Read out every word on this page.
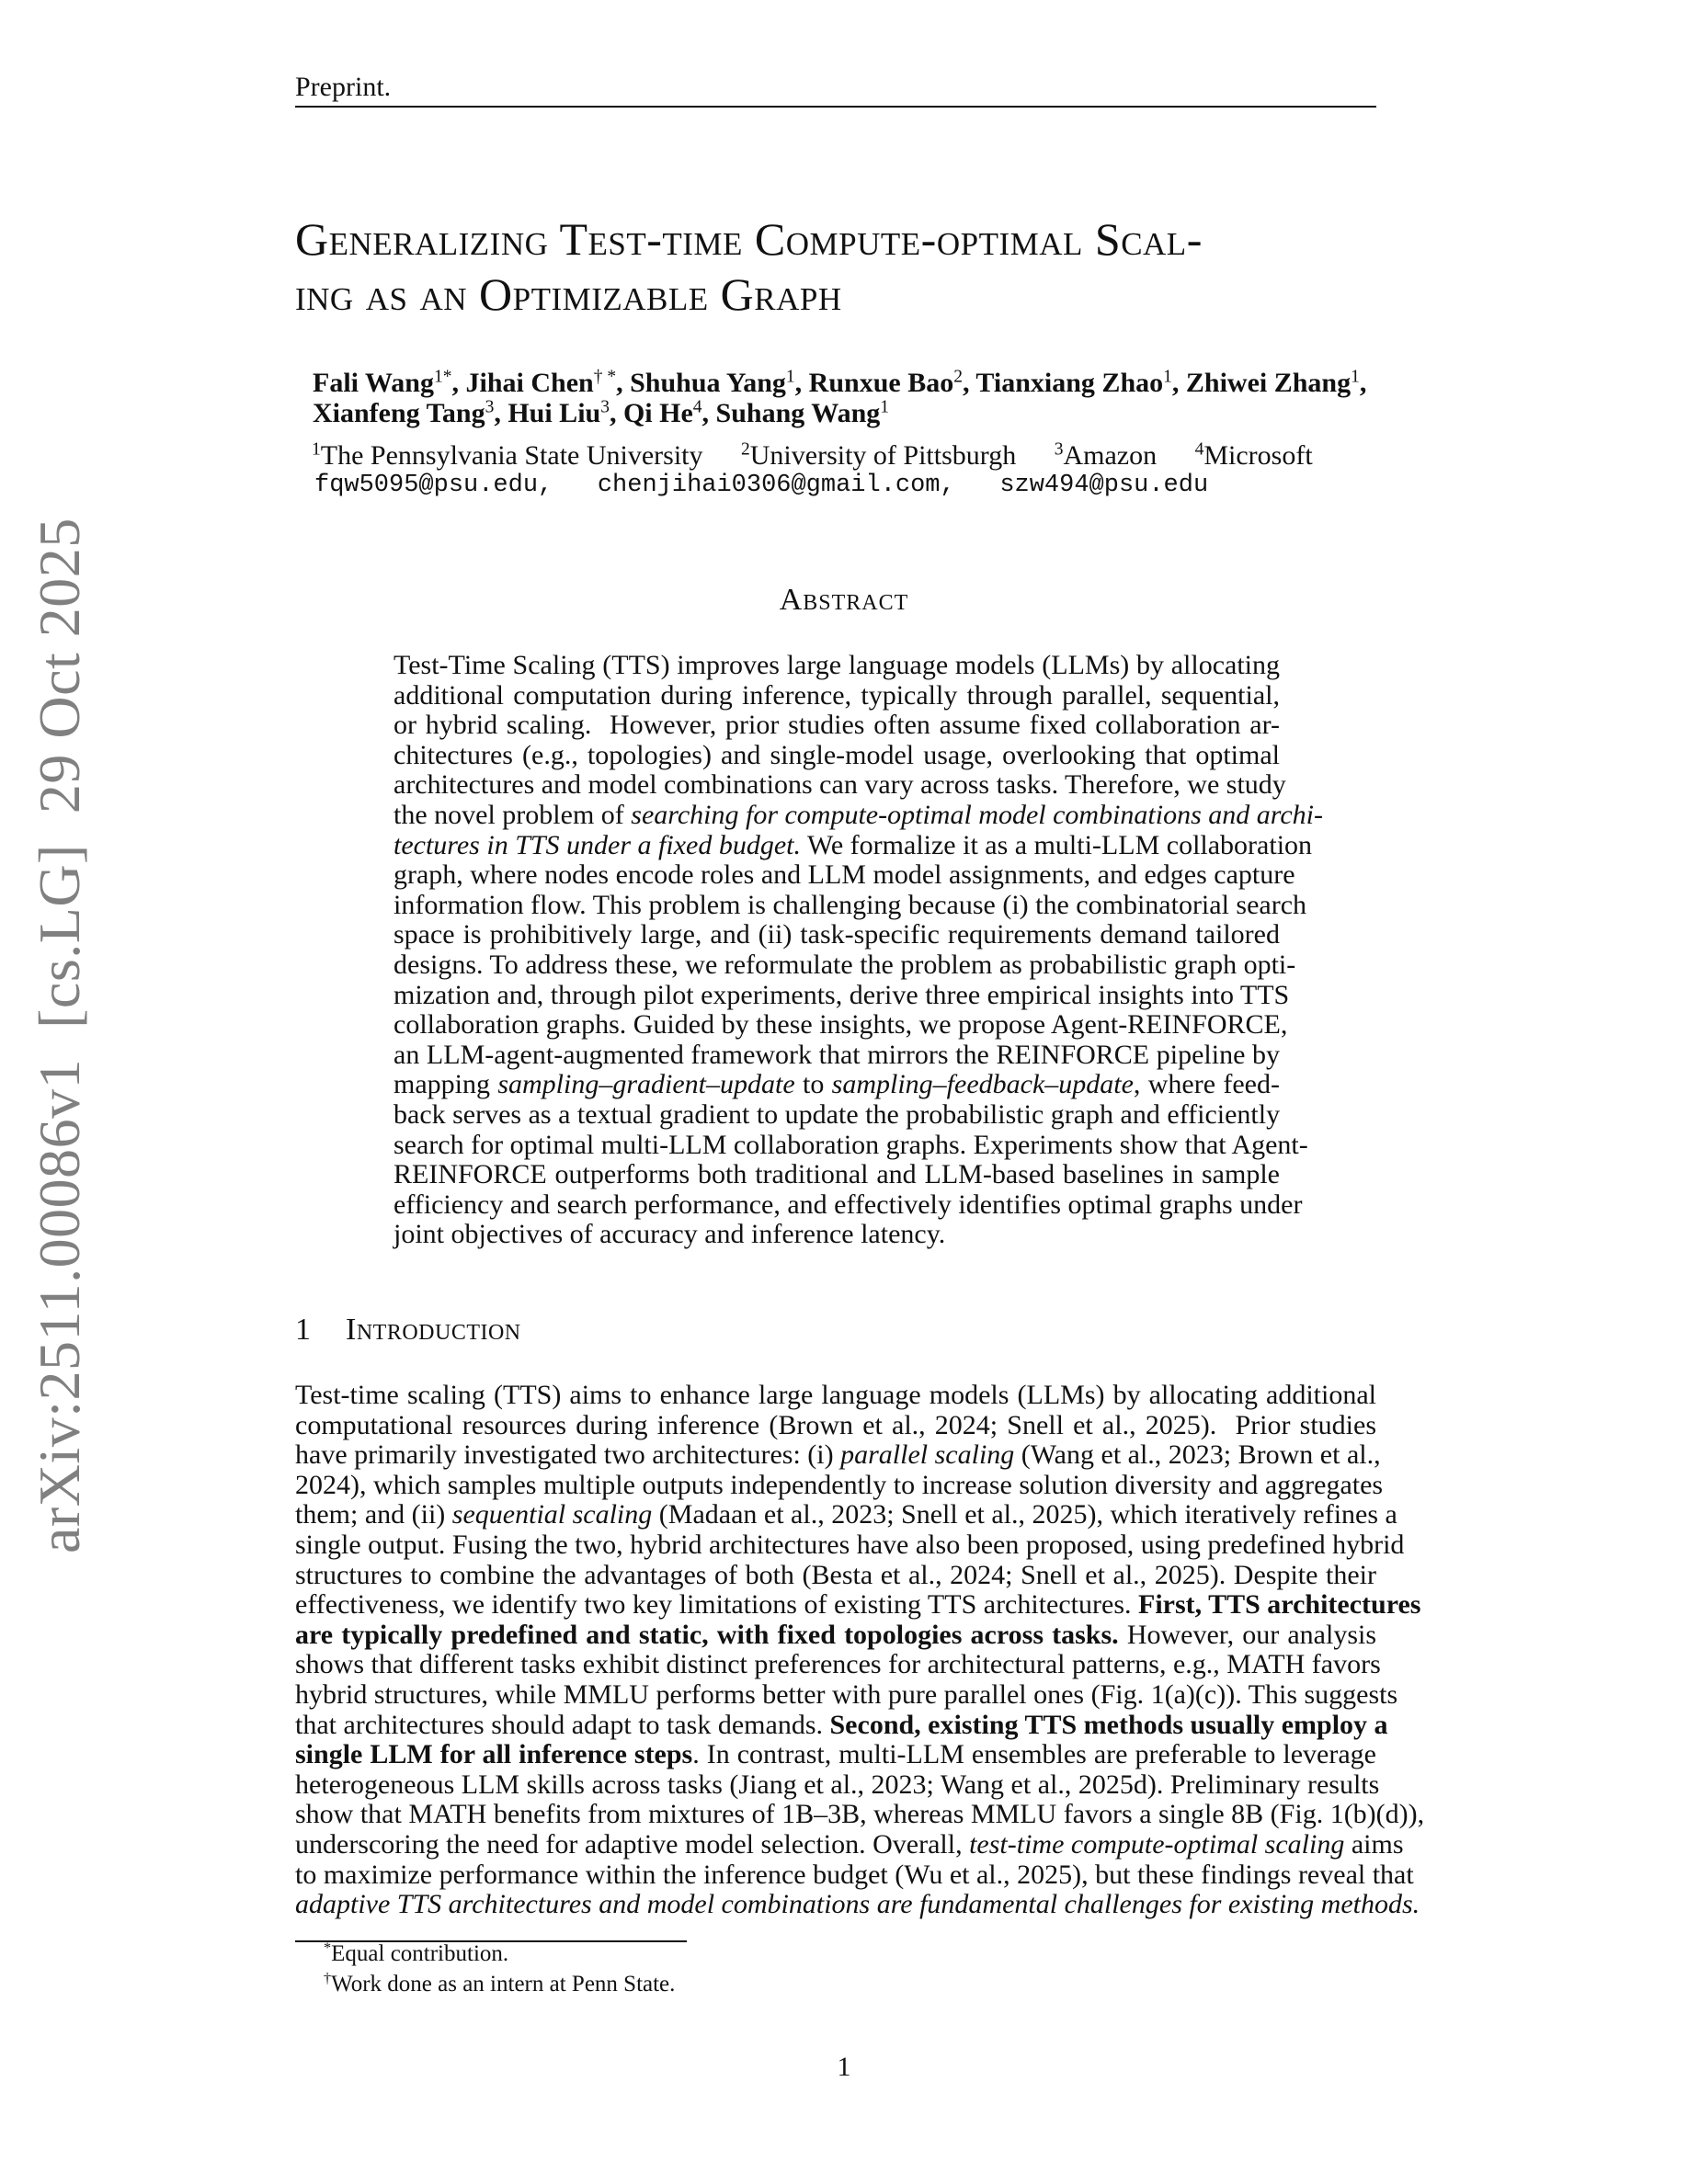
arXiv:2511.00086v1  [cs.LG]  29 Oct 2025
Preprint.
Generalizing Test-time Compute-optimal Scal-
ing as an Optimizable Graph
Fali Wang$^{1*}$, Jihai Chen† *, Shuhua Yang$^1$, Runxue Bao$^2$, Tianxiang Zhao$^1$, Zhiwei Zhang$^1$,
Xianfeng Tang$^3$, Hui Liu$^3$, Qi He$^4$, Suhang Wang$^1$
$^1$The Pennsylvania State University $^2$University of Pittsburgh $^3$Amazon $^4$Microsoft
fqw5095@psu.edu,   chenjihai0306@gmail.com,   szw494@psu.edu
Abstract
Test-Time Scaling (TTS) improves large language models (LLMs) by allocating
additional computation during inference, typically through parallel, sequential,
or hybrid scaling.  However, prior studies often assume fixed collaboration ar-
chitectures (e.g., topologies) and single-model usage, overlooking that optimal
architectures and model combinations can vary across tasks. Therefore, we study
the novel problem of searching for compute-optimal model combinations and archi-
tectures in TTS under a fixed budget. We formalize it as a multi-LLM collaboration
graph, where nodes encode roles and LLM model assignments, and edges capture
information flow. This problem is challenging because (i) the combinatorial search
space is prohibitively large, and (ii) task-specific requirements demand tailored
designs. To address these, we reformulate the problem as probabilistic graph opti-
mization and, through pilot experiments, derive three empirical insights into TTS
collaboration graphs. Guided by these insights, we propose Agent-REINFORCE,
an LLM-agent-augmented framework that mirrors the REINFORCE pipeline by
mapping sampling–gradient–update to sampling–feedback–update, where feed-
back serves as a textual gradient to update the probabilistic graph and efficiently
search for optimal multi-LLM collaboration graphs. Experiments show that Agent-
REINFORCE outperforms both traditional and LLM-based baselines in sample
efficiency and search performance, and effectively identifies optimal graphs under
joint objectives of accuracy and inference latency.
1 Introduction
Test-time scaling (TTS) aims to enhance large language models (LLMs) by allocating additional
computational resources during inference (Brown et al., 2024; Snell et al., 2025).  Prior studies
have primarily investigated two architectures: (i) parallel scaling (Wang et al., 2023; Brown et al.,
2024), which samples multiple outputs independently to increase solution diversity and aggregates
them; and (ii) sequential scaling (Madaan et al., 2023; Snell et al., 2025), which iteratively refines a
single output. Fusing the two, hybrid architectures have also been proposed, using predefined hybrid
structures to combine the advantages of both (Besta et al., 2024; Snell et al., 2025). Despite their
effectiveness, we identify two key limitations of existing TTS architectures. First, TTS architectures
are typically predefined and static, with fixed topologies across tasks. However, our analysis
shows that different tasks exhibit distinct preferences for architectural patterns, e.g., MATH favors
hybrid structures, while MMLU performs better with pure parallel ones (Fig. 1(a)(c)). This suggests
that architectures should adapt to task demands. Second, existing TTS methods usually employ a
single LLM for all inference steps. In contrast, multi-LLM ensembles are preferable to leverage
heterogeneous LLM skills across tasks (Jiang et al., 2023; Wang et al., 2025d). Preliminary results
show that MATH benefits from mixtures of 1B–3B, whereas MMLU favors a single 8B (Fig. 1(b)(d)),
underscoring the need for adaptive model selection. Overall, test-time compute-optimal scaling aims
to maximize performance within the inference budget (Wu et al., 2025), but these findings reveal that
adaptive TTS architectures and model combinations are fundamental challenges for existing methods.
*Equal contribution.
†Work done as an intern at Penn State.
1
